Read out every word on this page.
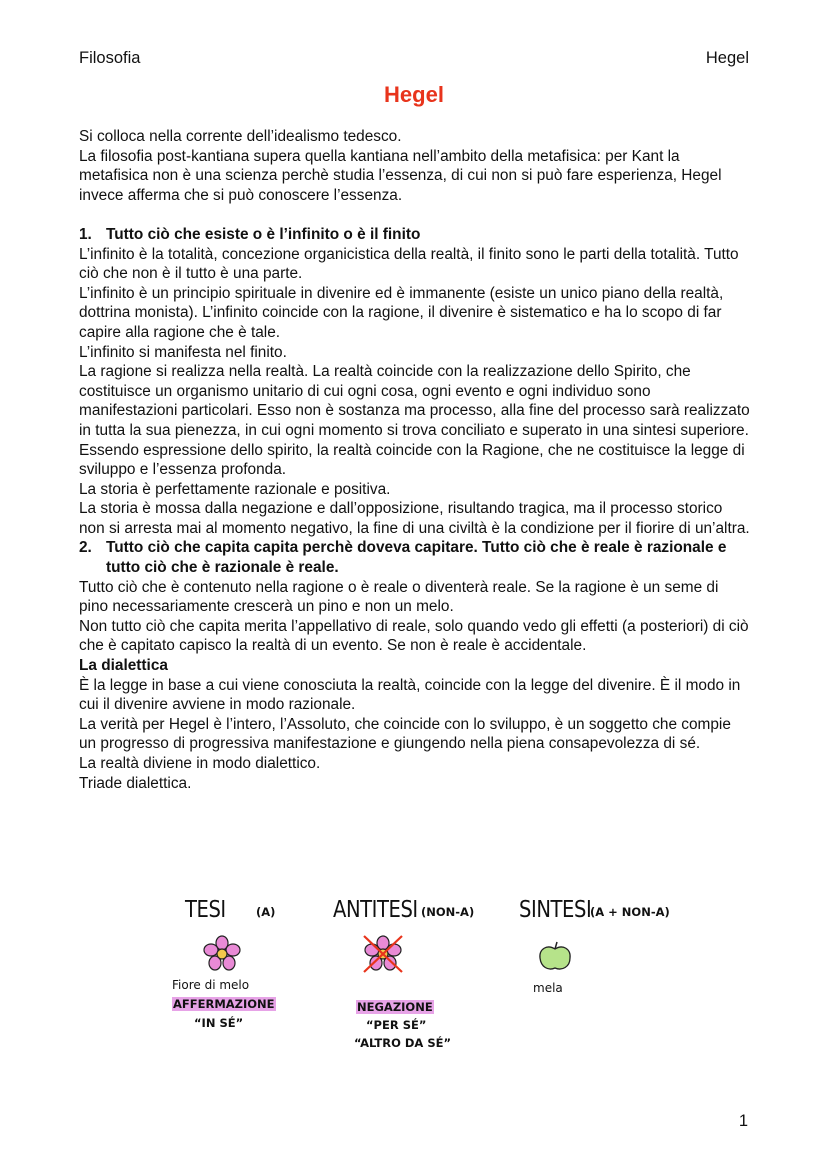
Filosofia	Hegel
Hegel

Si colloca nella corrente dell’idealismo tedesco.

La filosofia post-kantiana supera quella kantiana nell’ambito della metafisica: per Kant la metafisica non è una scienza perchè studia l’essenza, di cui non si può fare esperienza, Hegel invece afferma che si può conoscere l’essenza.

1. Tutto ciò che esiste o è l’infinito o è il finito

L’infinito è la totalità, concezione organicistica della realtà, il finito sono le parti della totalità. Tutto ciò che non è il tutto è una parte.

L’infinito è un principio spirituale in divenire ed è immanente (esiste un unico piano della realtà, dottrina monista). L’infinito coincide con la ragione, il divenire è sistematico e ha lo scopo di far capire alla ragione che è tale.

L’infinito si manifesta nel finito.

La ragione si realizza nella realtà. La realtà coincide con la realizzazione dello Spirito, che costituisce un organismo unitario di cui ogni cosa, ogni evento e ogni individuo sono manifestazioni particolari. Esso non è sostanza ma processo, alla fine del processo sarà realizzato in tutta la sua pienezza, in cui ogni momento si trova conciliato e superato in una sintesi superiore.

Essendo espressione dello spirito, la realtà coincide con la Ragione, che ne costituisce la legge di sviluppo e l’essenza profonda.

La storia è perfettamente razionale e positiva.

La storia è mossa dalla negazione e dall’opposizione, risultando tragica, ma il processo storico non si arresta mai al momento negativo, la fine di una civiltà è la condizione per il fiorire di un’altra.

2. Tutto ciò che capita capita perchè doveva capitare. Tutto ciò che è reale è razionale e tutto ciò che è razionale è reale.

Tutto ciò che è contenuto nella ragione o è reale o diventerà reale. Se la ragione è un seme di pino necessariamente crescerà un pino e non un melo.

Non tutto ciò che capita merita l’appellativo di reale, solo quando vedo gli effetti (a posteriori) di ciò che è capitato capisco la realtà di un evento. Se non è reale è accidentale.

La dialettica

È la legge in base a cui viene conosciuta la realtà, coincide con la legge del divenire. È il modo in cui il divenire avviene in modo razionale.

La verità per Hegel è l’intero, l’Assoluto, che coincide con lo sviluppo, è un soggetto che compie un progresso di progressiva manifestazione e giungendo nella piena consapevolezza di sé.

La realtà diviene in modo dialettico.

Triade dialettica.

TESI	(A)
Fiore di melo
AFFERMAZIONE
“IN SÉ”
ANTITESI (NON-A)
NEGAZIONE
“PER SÉ”
“ALTRO DA SÉ”
SINTESI
(A + NON-A)
mela
1
